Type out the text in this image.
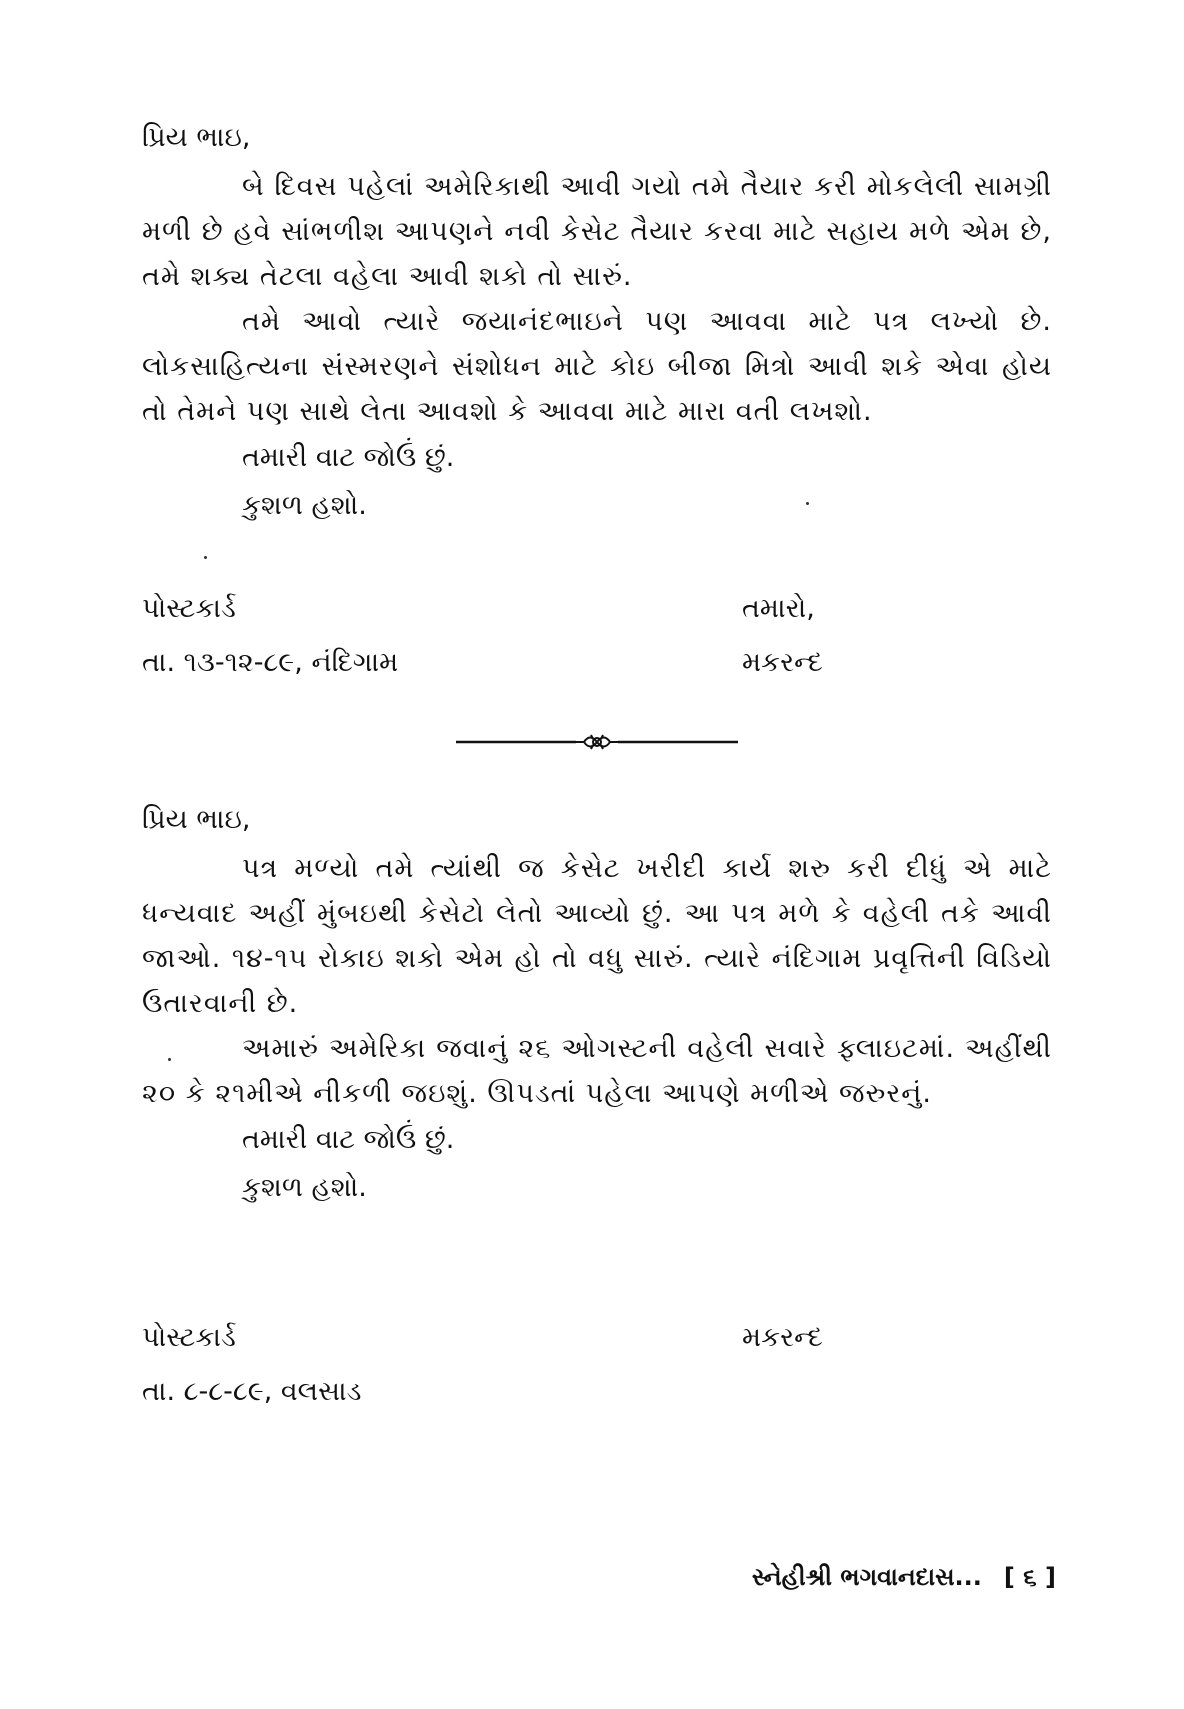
પ્રિય ભાઇ,

બે દિવસ પહેલાં અમેરિકાથી આવી ગયો તમે તૈયાર કરી મોકલેલી સામગ્રી મળી છે હવે સાંભળીશ આપણને નવી કેસેટ તૈયાર કરવા માટે સહાય મળે એમ છે, તમે શક્ય તેટલા વહેલા આવી શકો તો સારું.

તમે આવો ત્યારે જયાનંદભાઇને પણ આવવા માટે પત્ર લખ્યો છે. લોકસાહિત્યના સંસ્મરણને સંશોધન માટે કોઇ બીજા મિત્રો આવી શકે એવા હોય તો તેમને પણ સાથે લેતા આવશો કે આવવા માટે મારા વતી લખશો.

તમારી વાટ જોઉં છું.

કુશળ હશો.

પોસ્ટકાર્ડ	તમારો,
તા. ૧૩-૧૨-૮૯, નંદિગામ	મકરન્દ

પ્રિય ભાઇ,

પત્ર મળ્યો તમે ત્યાંથી જ કેસેટ ખરીદી કાર્ય શરુ કરી દીધું એ માટે ધન્યવાદ અહીં મુંબઇથી કેસેટો લેતો આવ્યો છું. આ પત્ર મળે કે વહેલી તકે આવી જાઓ. ૧૪-૧૫ રોકાઇ શકો એમ હો તો વધુ સારું. ત્યારે નંદિગામ પ્રવૃત્તિની વિડિયો ઉતારવાની છે.

અમારું અમેરિકા જવાનું ૨૬ ઓગસ્ટની વહેલી સવારે ફ્લાઇટમાં. અહીંથી ૨૦ કે ૨૧મીએ નીકળી જઇશું. ઊપડતાં પહેલા આપણે મળીએ જરુરનું.

તમારી વાટ જોઉં છું.

કુશળ હશો.

પોસ્ટકાર્ડ	મકરન્દ
તા. ૮-૮-૮૯, વલસાડ
સ્નેહીશ્રી ભગવાનદાસ... [ ૬ ]
